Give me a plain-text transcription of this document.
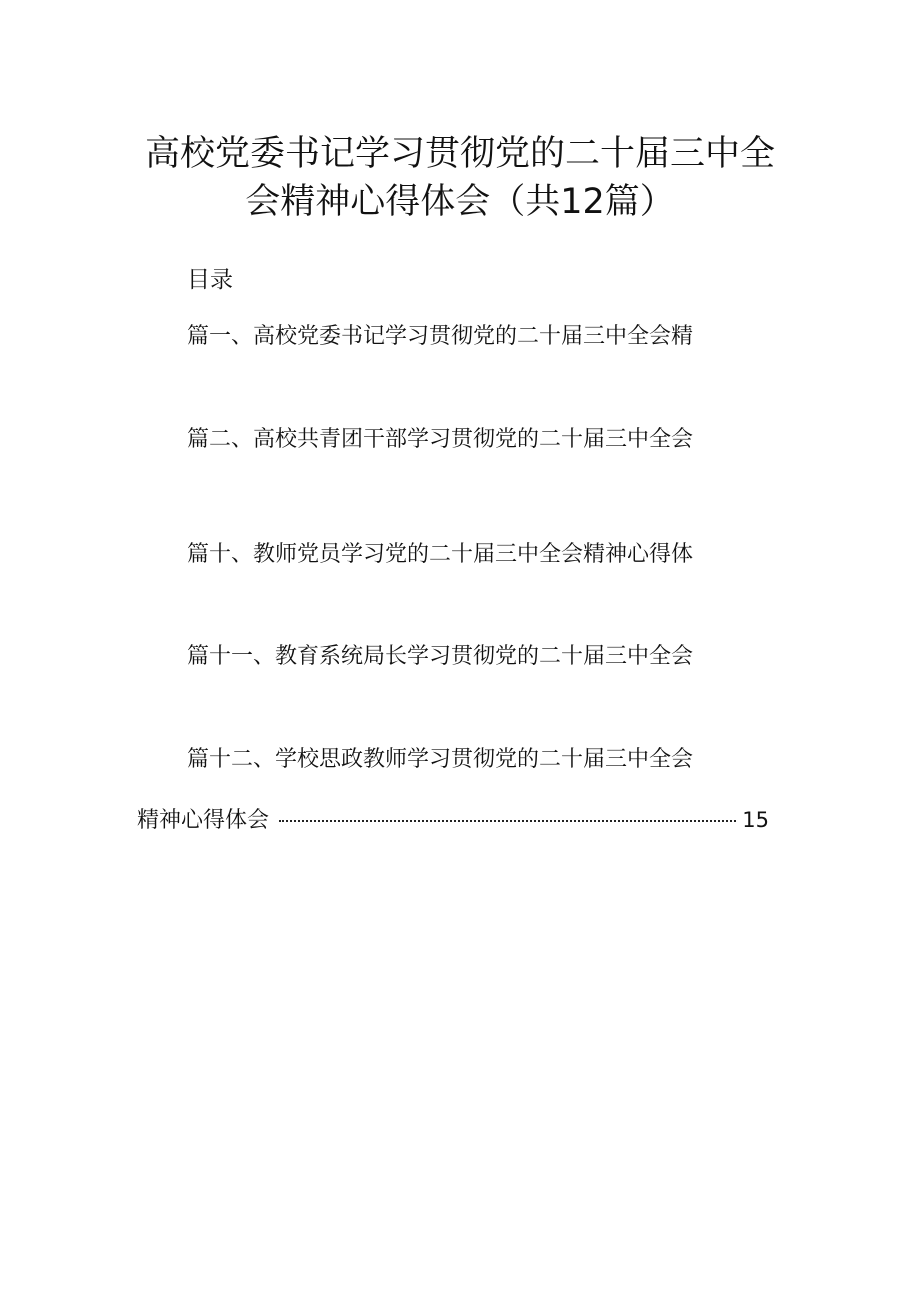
高校党委书记学习贯彻党的二十届三中全
会精神心得体会（共12篇）
目录
篇一、高校党委书记学习贯彻党的二十届三中全会精
篇二、高校共青团干部学习贯彻党的二十届三中全会
篇十、教师党员学习党的二十届三中全会精神心得体
篇十一、教育系统局长学习贯彻党的二十届三中全会
篇十二、学校思政教师学习贯彻党的二十届三中全会
精神心得体会	15
